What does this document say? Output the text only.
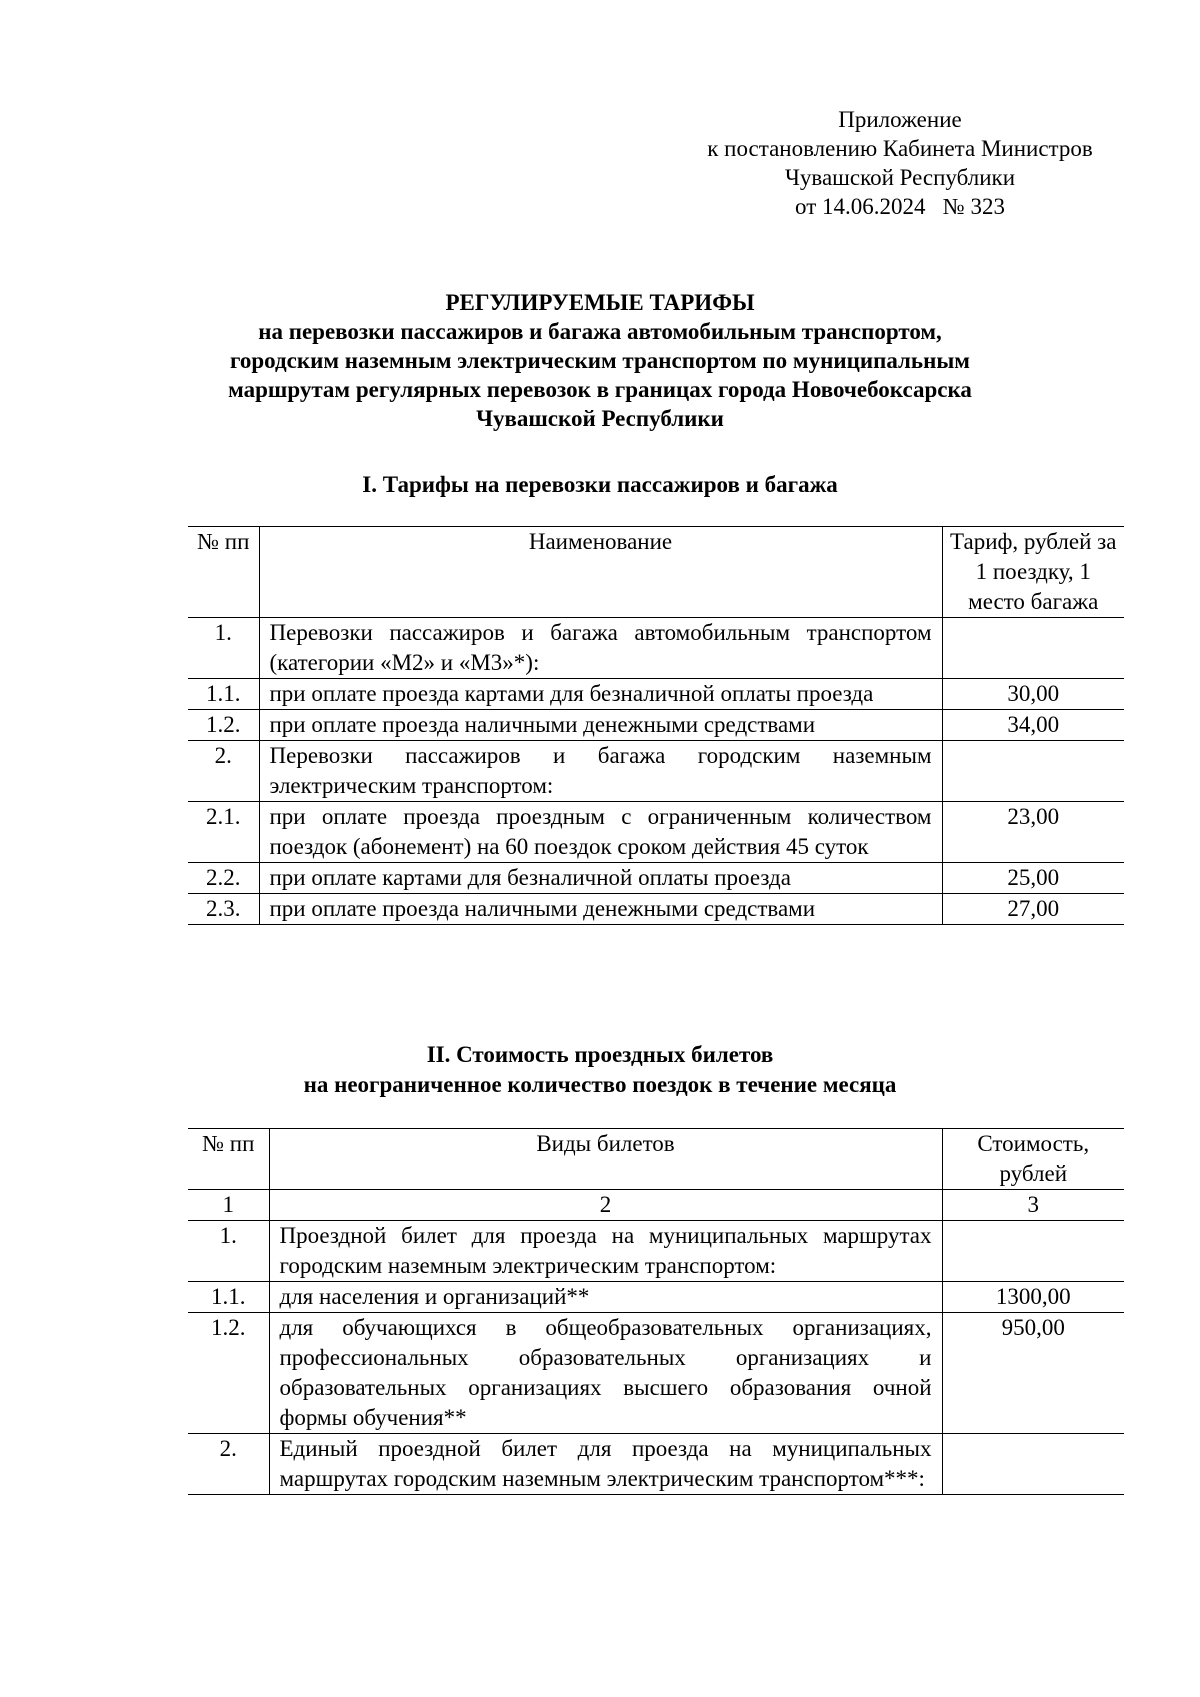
Приложение
к постановлению Кабинета Министров
Чувашской Республики
от 14.06.2024   № 323
РЕГУЛИРУЕМЫЕ ТАРИФЫ
на перевозки пассажиров и багажа автомобильным транспортом,
городским наземным электрическим транспортом по муниципальным
маршрутам регулярных перевозок в границах города Новочебоксарска
Чувашской Республики
I. Тарифы на перевозки пассажиров и багажа
№ пп	Наименование	Тариф, рублей за 1 поездку, 1 место багажа
1.	Перевозки пассажиров и багажа автомобильным транспортом (категории «М2» и «М3»*):	
1.1.	при оплате проезда картами для безналичной оплаты проезда	30,00
1.2.	при оплате проезда наличными денежными средствами	34,00
2.	Перевозки пассажиров и багажа городским наземным электрическим транспортом:	
2.1.	при оплате проезда проездным с ограниченным количеством поездок (абонемент) на 60 поездок сроком действия 45 суток	23,00
2.2.	при оплате картами для безналичной оплаты проезда	25,00
2.3.	при оплате проезда наличными денежными средствами	27,00
II. Стоимость проездных билетов
на неограниченное количество поездок в течение месяца
№ пп	Виды билетов	Стоимость, рублей
1	2	3
1.	Проездной билет для проезда на муниципальных маршрутах городским наземным электрическим транспортом:	
1.1.	для населения и организаций**	1300,00
1.2.	для обучающихся в общеобразовательных организациях, профессиональных образовательных организациях и образовательных организациях высшего образования очной формы обучения**	950,00
2.	Единый проездной билет для проезда на муниципальных маршрутах городским наземным электрическим транспортом***:	
